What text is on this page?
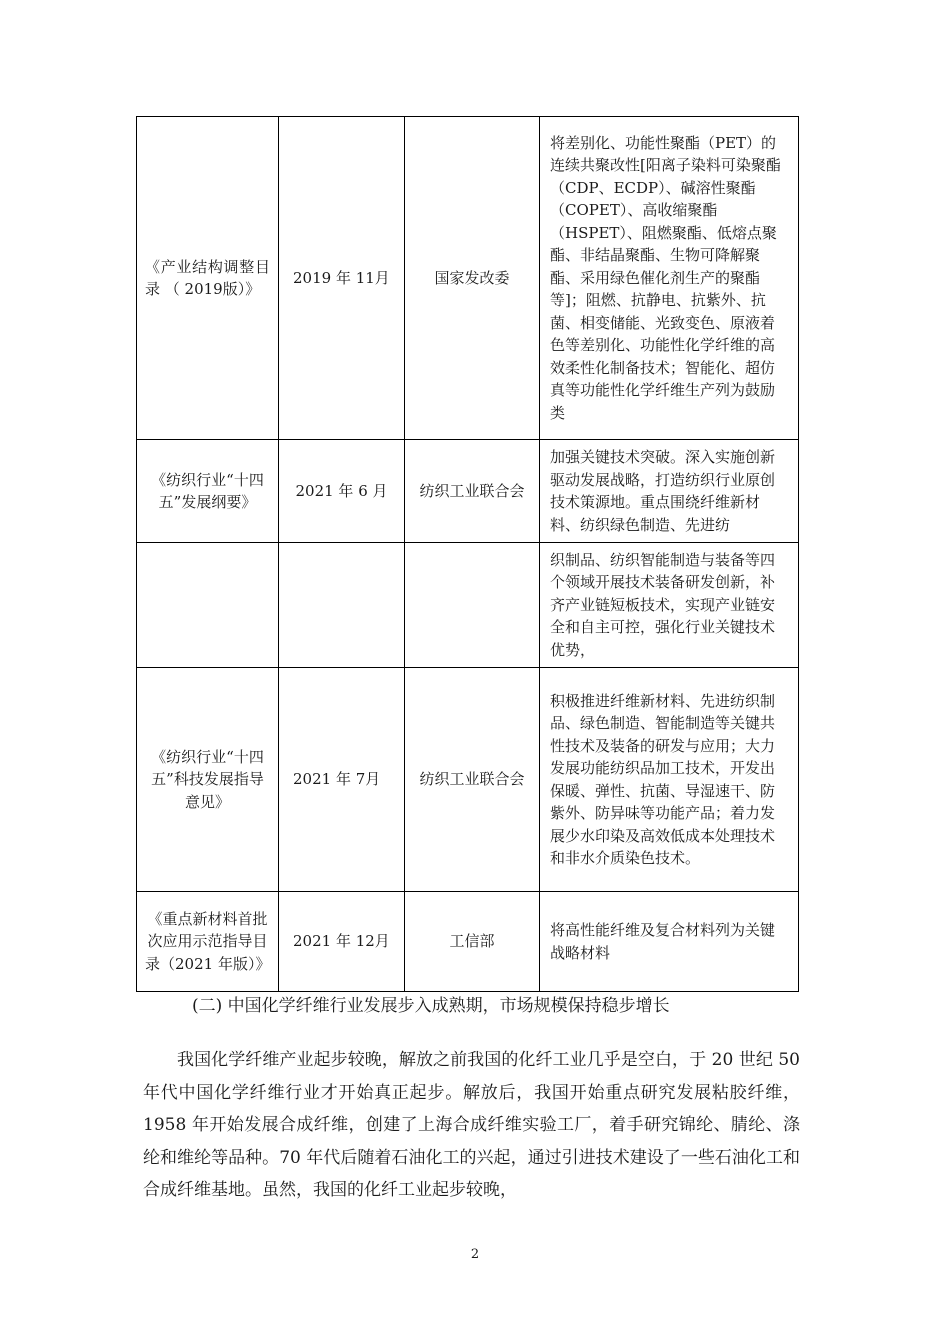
《产业结构调整目 录 （ 2019版）》	2019 年 11月	国家发改委	将差别化、功能性聚酯（PET）的连续共聚改性[阳离子染料可染聚酯（CDP、ECDP）、碱溶性聚酯（COPET）、高收缩聚酯（HSPET）、阻燃聚酯、低熔点聚酯、非结晶聚酯、生物可降解聚酯、采用绿色催化剂生产的聚酯等]；阻燃、抗静电、抗紫外、抗菌、相变储能、光致变色、原液着色等差别化、功能性化学纤维的高效柔性化制备技术；智能化、超仿真等功能性化学纤维生产列为鼓励类
《纺织行业“十四五”发展纲要》	2021 年 6 月	纺织工业联合会	加强关键技术突破。深入实施创新驱动发展战略，打造纺织行业原创技术策源地。重点围绕纤维新材料、纺织绿色制造、先进纺
			织制品、纺织智能制造与装备等四个领域开展技术装备研发创新，补齐产业链短板技术，实现产业链安全和自主可控，强化行业关键技术优势，
《纺织行业“十四五”科技发展指导意见》	2021 年 7月	纺织工业联合会	积极推进纤维新材料、先进纺织制品、绿色制造、智能制造等关键共性技术及装备的研发与应用；大力发展功能纺织品加工技术，开发出保暖、弹性、抗菌、导湿速干、防紫外、防异味等功能产品；着力发展少水印染及高效低成本处理技术和非水介质染色技术。
《重点新材料首批次应用示范指导目录（2021 年版）》	2021 年 12月	工信部	将高性能纤维及复合材料列为关键战略材料
(二) 中国化学纤维行业发展步入成熟期，市场规模保持稳步增长

我国化学纤维产业起步较晚，解放之前我国的化纤工业几乎是空白，于 20 世纪 50 年代中国化学纤维行业才开始真正起步。解放后，我国开始重点研究发展粘胶纤维，1958 年开始发展合成纤维，创建了上海合成纤维实验工厂，着手研究锦纶、腈纶、涤纶和维纶等品种。70 年代后随着石油化工的兴起，通过引进技术建设了一些石油化工和合成纤维基地。虽然，我国的化纤工业起步较晚，

2
